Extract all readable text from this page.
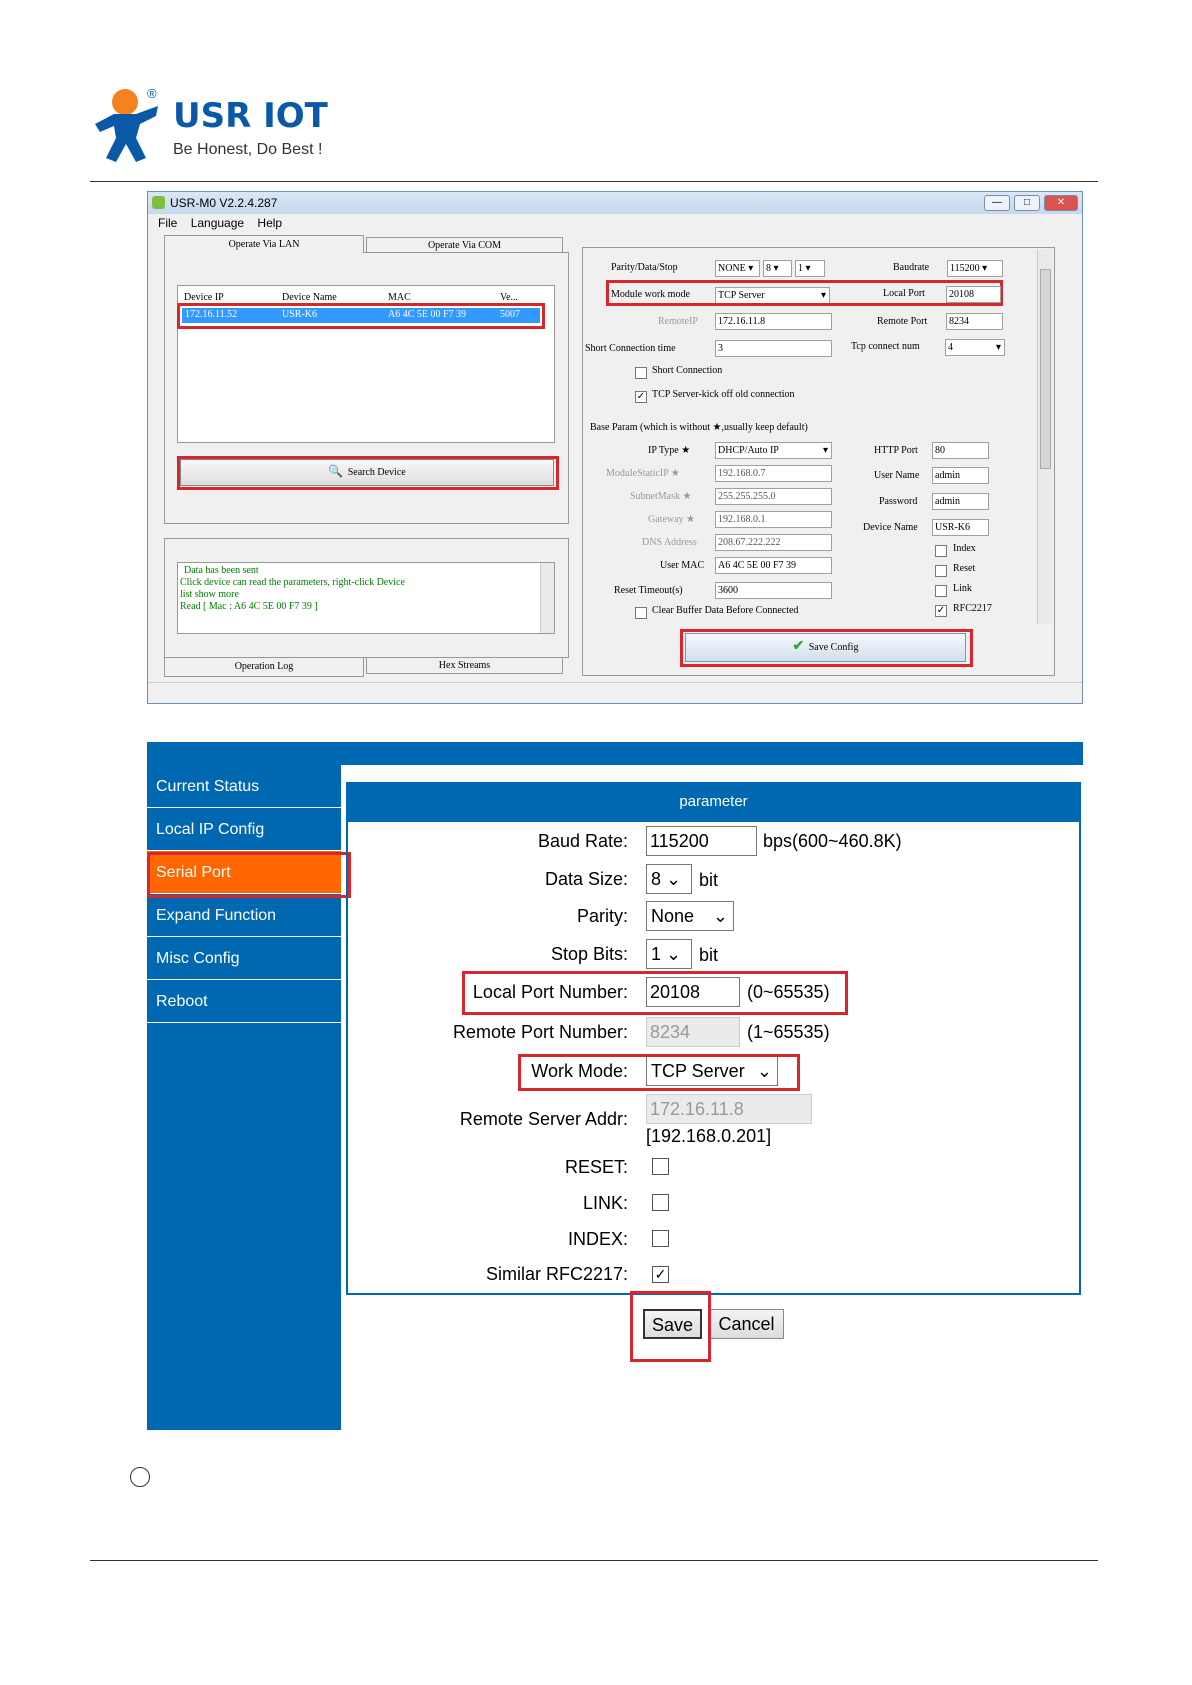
®
USR IOT
Be Honest, Do Best !
USR-M0 V2.2.4.287	—	□	✕
File Language Help
Operate Via LAN	Operate Via COM
Device IP	Device Name	MAC	Ve...
172.16.11.52	USR-K6	A6 4C 5E 00 F7 39	5007
🔍 Search Device
Data has been sent
Click device can read the parameters, right-click Device
list show more
Read [ Mac : A6 4C 5E 00 F7 39 ]
Operation Log	Hex Streams
Parity/Data/Stop	NONE ▾	8 ▾	1 ▾	Baudrate	115200 ▾
Module work mode	TCP Server	▾	Local Port	20108
RemoteIP	172.16.11.8	Remote Port	8234
Short Connection time	3	Tcp connect num	4	▾
Short Connection
✓ TCP Server-kick off old connection
Base Param (which is without ★,usually keep default)
IP Type ★	DHCP/Auto IP	▾
ModuleStaticIP ★	192.168.0.7
SubnetMask ★	255.255.255.0
Gateway ★	192.168.0.1
DNS Address	208.67.222.222
User MAC	A6 4C 5E 00 F7 39
Reset Timeout(s)	3600
Clear Buffer Data Before Connected
HTTP Port	80
User Name	admin
Password	admin
Device Name	USR-K6
Index
Reset
Link
✓ RFC2217
✔ Save Config
Current Status
Local IP Config
Serial Port
Expand Function
Misc Config
Reboot
parameter
Baud Rate: 115200	bps(600~460.8K)
Data Size: 8 ⌄ bit
Parity: None ⌄
Stop Bits: 1 ⌄ bit
Local Port Number: 20108	(0~65535)
Remote Port Number: 8234	(1~65535)
Work Mode: TCP Server ⌄
Remote Server Addr: 172.16.11.8
[192.168.0.201]
RESET:
LINK:
INDEX:
Similar RFC2217: ✓
Save	Cancel
